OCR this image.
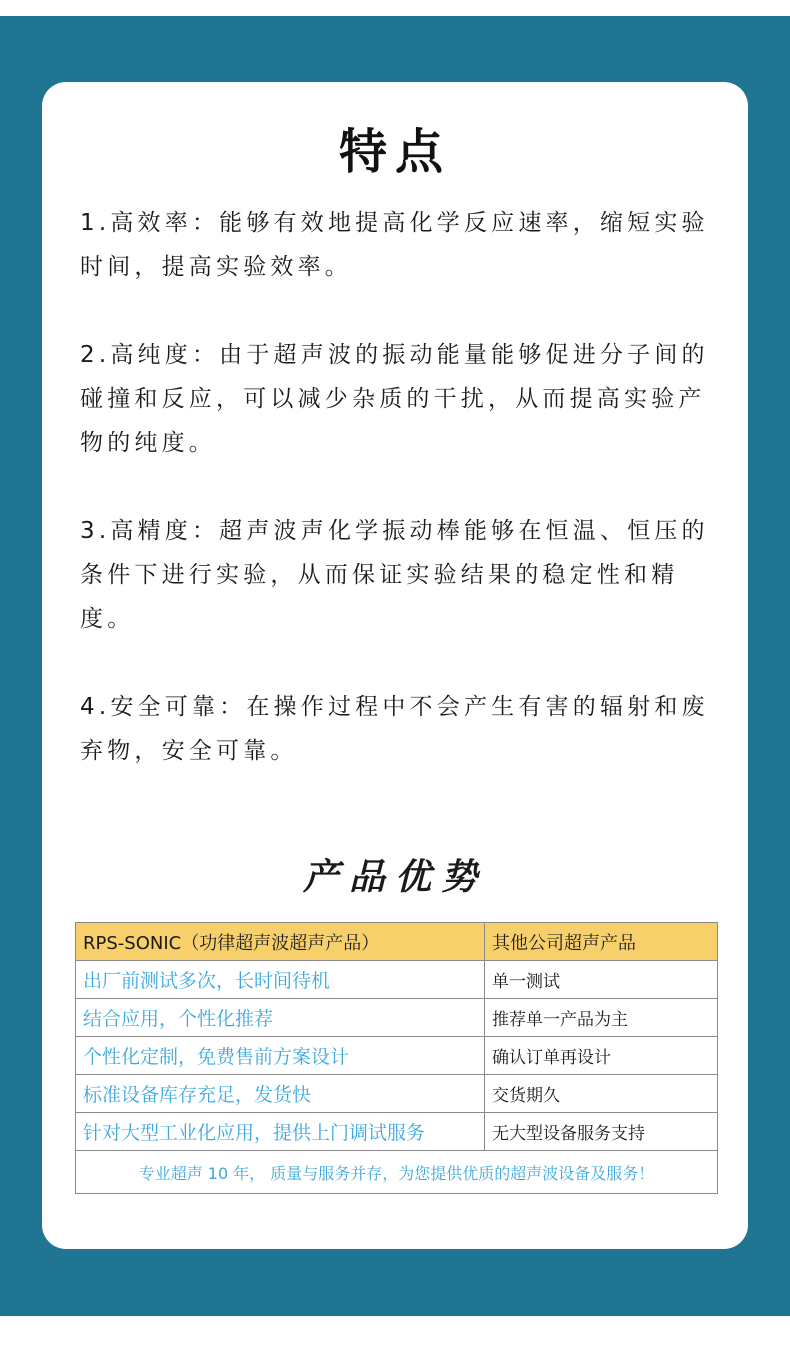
特点

1.高效率：能够有效地提高化学反应速率，缩短实验时间，提高实验效率。

2.高纯度：由于超声波的振动能量能够促进分子间的碰撞和反应，可以减少杂质的干扰，从而提高实验产物的纯度。

3.高精度：超声波声化学振动棒能够在恒温、恒压的条件下进行实验，从而保证实验结果的稳定性和精度。

4.安全可靠：在操作过程中不会产生有害的辐射和废弃物，安全可靠。

产品优势
RPS-SONIC（功律超声波超声产品）	其他公司超声产品
出厂前测试多次，长时间待机	单一测试
结合应用，个性化推荐	推荐单一产品为主
个性化定制，免费售前方案设计	确认订单再设计
标准设备库存充足，发货快	交货期久
针对大型工业化应用，提供上门调试服务	无大型设备服务支持
专业超声 10 年， 质量与服务并存，为您提供优质的超声波设备及服务！	
